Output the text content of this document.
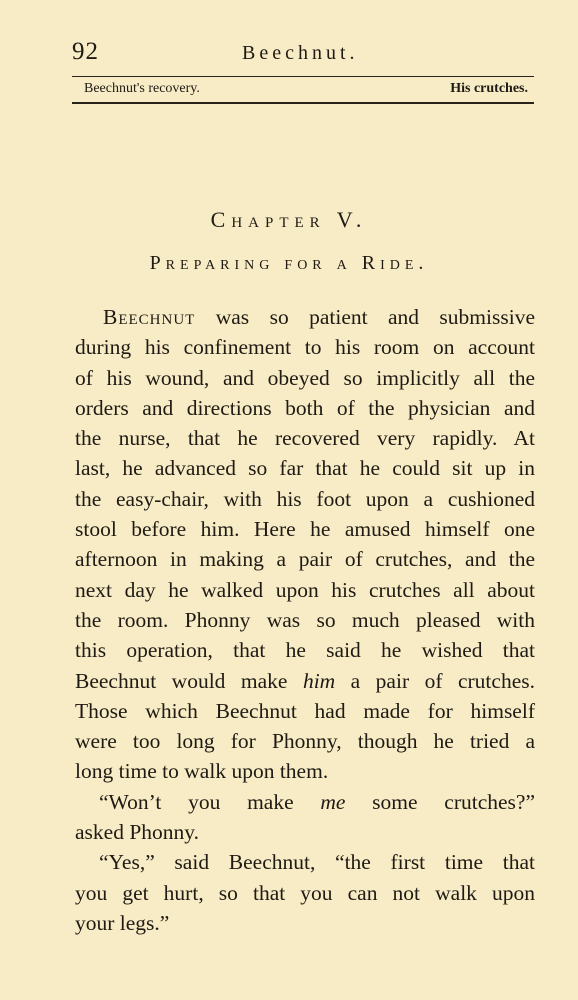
92	Beechnut.
Beechnut's recovery.	His crutches.
Chapter V.
Preparing for a Ride.
Beechnut was so patient and submissive
during his confinement to his room on account
of his wound, and obeyed so implicitly all the
orders and directions both of the physician and
the nurse, that he recovered very rapidly. At
last, he advanced so far that he could sit up in
the easy-chair, with his foot upon a cushioned
stool before him. Here he amused himself one
afternoon in making a pair of crutches, and the
next day he walked upon his crutches all about
the room. Phonny was so much pleased with
this operation, that he said he wished that
Beechnut would make him a pair of crutches.
Those which Beechnut had made for himself
were too long for Phonny, though he tried a
long time to walk upon them.
“Won’t you make me some crutches?”
asked Phonny.
“Yes,” said Beechnut, “the first time that
you get hurt, so that you can not walk upon
your legs.”
